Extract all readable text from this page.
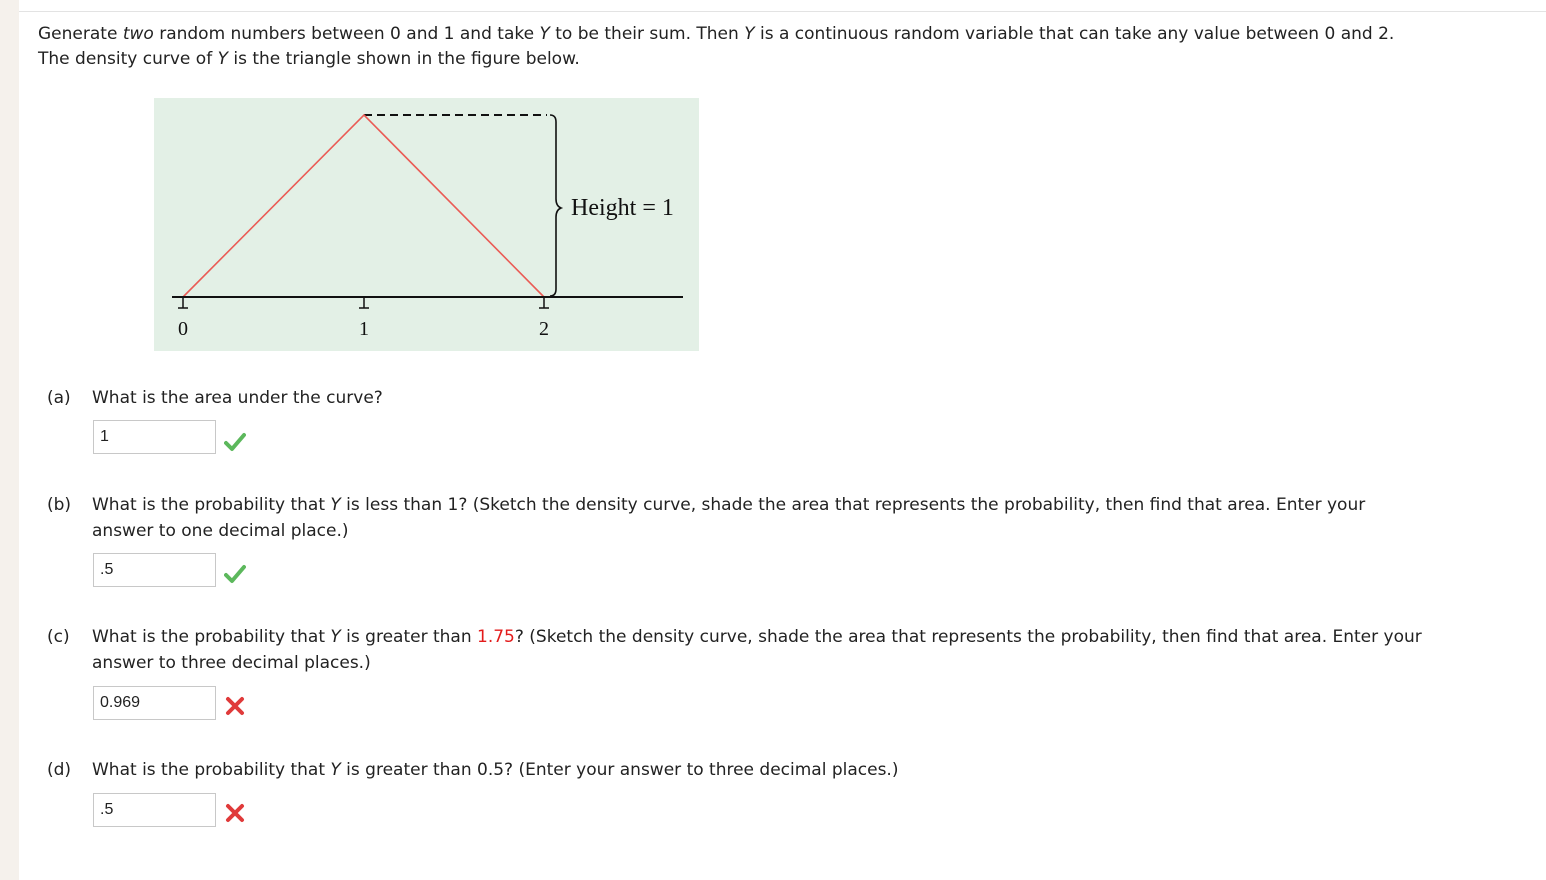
Generate two random numbers between 0 and 1 and take Y to be their sum. Then Y is a continuous random variable that can take any value between 0 and 2.
The density curve of Y is the triangle shown in the figure below.
0	1	2
Height = 1
(a) What is the area under the curve?
1
(b) What is the probability that Y is less than 1? (Sketch the density curve, shade the area that represents the probability, then find that area. Enter your
answer to one decimal place.)
.5
(c) What is the probability that Y is greater than 1.75? (Sketch the density curve, shade the area that represents the probability, then find that area. Enter your
answer to three decimal places.)
0.969
(d) What is the probability that Y is greater than 0.5? (Enter your answer to three decimal places.)
.5
